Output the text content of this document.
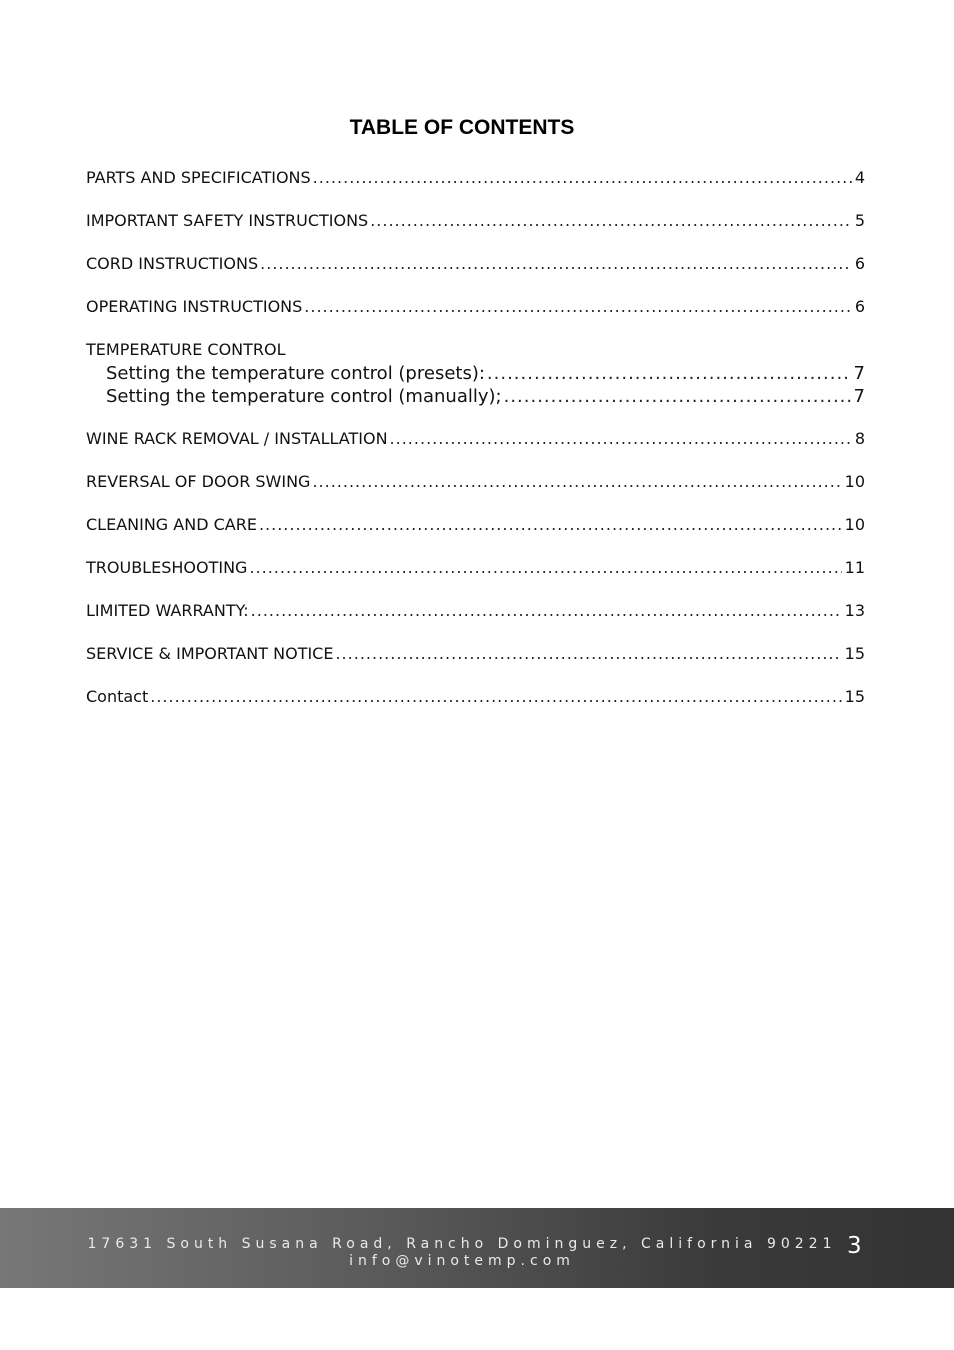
TABLE OF CONTENTS
PARTS AND SPECIFICATIONS .....	4
IMPORTANT SAFETY INSTRUCTIONS .....	5
CORD INSTRUCTIONS .....	6
OPERATING INSTRUCTIONS .....	6
TEMPERATURE CONTROL
Setting the temperature control (presets): .....	7
Setting the temperature control (manually); .....	7
WINE RACK REMOVAL / INSTALLATION .....	8
REVERSAL OF DOOR SWING .....	10
CLEANING AND CARE .....	10
TROUBLESHOOTING .....	11
LIMITED WARRANTY: .....	13
SERVICE & IMPORTANT NOTICE .....	15
Contact .....	15
17631 South Susana Road, Rancho Dominguez, California 90221
info@vinotemp.com
3
